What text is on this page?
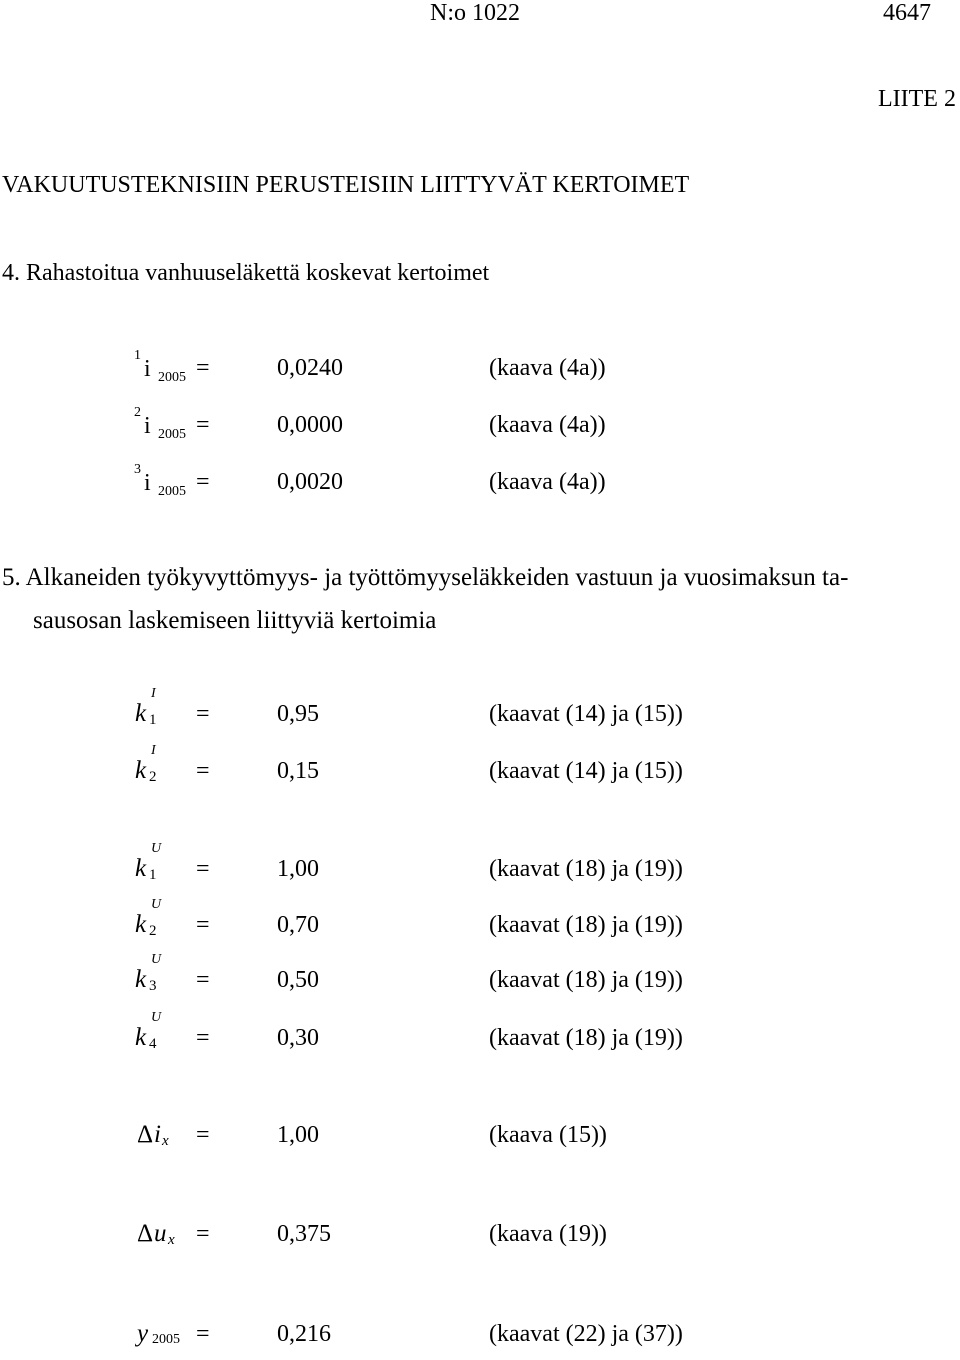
N:o 1022	4647
LIITE 2
VAKUUTUSTEKNISIIN PERUSTEISIIN LIITTYVÄT KERTOIMET
4. Rahastoitua vanhuuseläkettä koskevat kertoimet
1
i 2005 =	0,0240	(kaava (4a))
2
i 2005 =	0,0000	(kaava (4a))
3
i 2005 =	0,0020	(kaava (4a))
5. Alkaneiden työkyvyttömyys- ja työttömyyseläkkeiden vastuun ja vuosimaksun ta-
sausosan laskemiseen liittyviä kertoimia
k
I
1 =	0,95	(kaavat (14) ja (15))
k
I
2 =	0,15	(kaavat (14) ja (15))
k
U
1 =	1,00	(kaavat (18) ja (19))
k
U
2 =	0,70	(kaavat (18) ja (19))
k
U
3 =	0,50	(kaavat (18) ja (19))
k
U
4 =	0,30	(kaavat (18) ja (19))
Δ i x =	1,00	(kaava (15))
Δ u x =	0,375	(kaava (19))
y 2005 =	0,216	(kaavat (22) ja (37))
